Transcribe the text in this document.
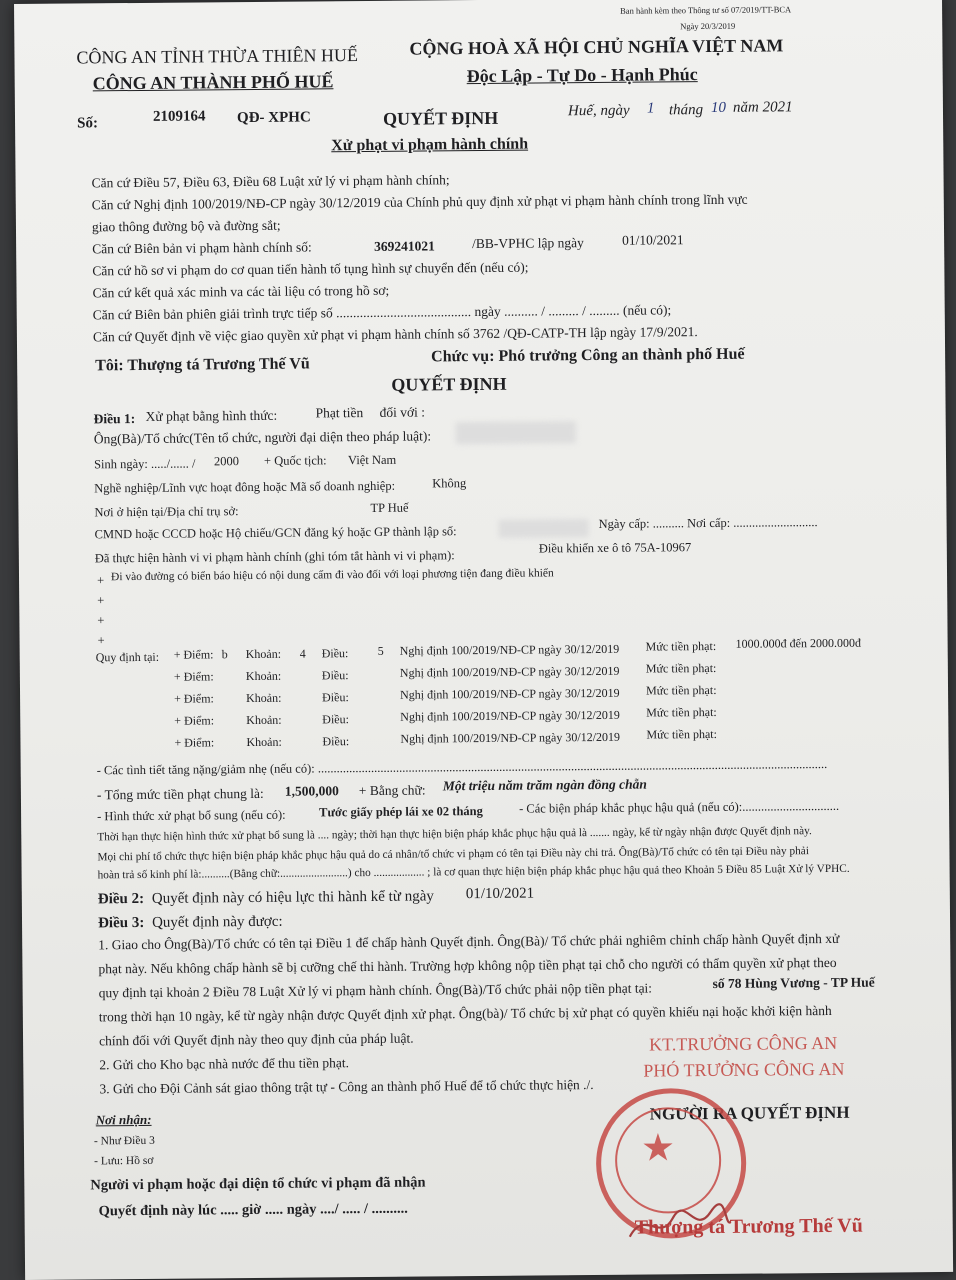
Ban hành kèm theo Thông tư số 07/2019/TT-BCA
Ngày 20/3/2019
CÔNG AN TỈNH THỪA THIÊN HUẾ
CÔNG AN THÀNH PHỐ HUẾ
CỘNG HOÀ XÃ HỘI CHỦ NGHĨA VIỆT NAM
Độc Lập - Tự Do - Hạnh Phúc
Số:	2109164 QĐ- XPHC	QUYẾT ĐỊNH	Huế, ngày 1 tháng 10 năm 2021
Xử phạt vi phạm hành chính
Căn cứ Điều 57, Điều 63, Điều 68 Luật xử lý vi phạm hành chính;
Căn cứ Nghị định 100/2019/NĐ-CP ngày 30/12/2019 của Chính phủ quy định xử phạt vi phạm hành chính trong lĩnh vực
giao thông đường bộ và đường sắt;
Căn cứ Biên bản vi phạm hành chính số:	369241021	/BB-VPHC lập ngày	01/10/2021
Căn cứ hồ sơ vi phạm do cơ quan tiến hành tố tụng hình sự chuyển đến (nếu có);
Căn cứ kết quả xác minh va các tài liệu có trong hồ sơ;
Căn cứ Biên bản phiên giải trình trực tiếp số ........................................ ngày .......... / ......... / ......... (nếu có);
Căn cứ Quyết định về việc giao quyền xử phạt vi phạm hành chính số 3762 /QĐ-CATP-TH lập ngày 17/9/2021.
Tôi: Thượng tá Trương Thế Vũ	Chức vụ: Phó trưởng Công an thành phố Huế
QUYẾT ĐỊNH
Điều 1: Xử phạt bằng hình thức:	Phạt tiền đối với :
Ông(Bà)/Tổ chức(Tên tổ chức, người đại diện theo pháp luật):
Sinh ngày: ...../...... / 2000 + Quốc tịch: Việt Nam
Nghề nghiệp/Lĩnh vực hoạt đông hoặc Mã số doanh nghiệp:	Không
Nơi ở hiện tại/Địa chỉ trụ sở:	TP Huế
CMND hoặc CCCD hoặc Hộ chiếu/GCN đăng ký hoặc GP thành lập số:
Ngày cấp: .......... Nơi cấp: ...........................
Đã thực hiện hành vi vi phạm hành chính (ghi tóm tắt hành vi vi phạm):
Điều khiển xe ô tô 75A-10967
+ Đi vào đường có biển báo hiệu có nội dung cấm đi vào đối với loại phương tiện đang điều khiển
+
+
+
Quy định tại: + Điểm: b Khoản: 4 Điều: 5 Nghị định 100/2019/NĐ-CP ngày 30/12/2019 Mức tiền phạt: 1000.000đ đến 2000.000đ
+ Điểm:	Khoản:	Điều:	Nghị định 100/2019/NĐ-CP ngày 30/12/2019 Mức tiền phạt:
+ Điểm:	Khoản:	Điều:	Nghị định 100/2019/NĐ-CP ngày 30/12/2019 Mức tiền phạt:
+ Điểm:	Khoản:	Điều:	Nghị định 100/2019/NĐ-CP ngày 30/12/2019 Mức tiền phạt:
+ Điểm:	Khoản:	Điều:	Nghị định 100/2019/NĐ-CP ngày 30/12/2019 Mức tiền phạt:
- Các tình tiết tăng nặng/giảm nhẹ (nếu có): ...................................................................................................................................................................
- Tổng mức tiền phạt chung là: 1,500,000 + Bằng chữ: Một triệu năm trăm ngàn đồng chẵn
- Hình thức xử phạt bổ sung (nếu có):	Tước giấy phép lái xe 02 tháng	- Các biện pháp khắc phục hậu quả (nếu có):...............................
Thời hạn thực hiện hình thức xử phạt bổ sung là .... ngày; thời hạn thực hiện biện pháp khắc phục hậu quả là ....... ngày, kể từ ngày nhận được Quyết định này.
Mọi chi phí tổ chức thực hiện biện pháp khắc phục hậu quả do cá nhân/tổ chức vi phạm có tên tại Điều này chi trả. Ông(Bà)/Tổ chức có tên tại Điều này phải
hoàn trả số kinh phí là:..........(Bằng chữ:........................) cho .................. ; là cơ quan thực hiện biện pháp khắc phục hậu quả theo Khoản 5 Điều 85 Luật Xử lý VPHC.
Điều 2: Quyết định này có hiệu lực thi hành kể từ ngày 01/10/2021
Điều 3: Quyết định này được:
1. Giao cho Ông(Bà)/Tổ chức có tên tại Điều 1 để chấp hành Quyết định. Ông(Bà)/ Tổ chức phải nghiêm chỉnh chấp hành Quyết định xử
phạt này. Nếu không chấp hành sẽ bị cưỡng chế thi hành. Trường hợp không nộp tiền phạt tại chỗ cho người có thẩm quyền xử phạt theo
quy định tại khoản 2 Điều 78 Luật Xử lý vi phạm hành chính. Ông(Bà)/Tổ chức phải nộp tiền phạt tại:	số 78 Hùng Vương - TP Huế
trong thời hạn 10 ngày, kể từ ngày nhận được Quyết định xử phạt. Ông(bà)/ Tổ chức bị xử phạt có quyền khiếu nại hoặc khởi kiện hành
chính đối với Quyết định này theo quy định của pháp luật.
2. Gửi cho Kho bạc nhà nước để thu tiền phạt.
3. Gửi cho Đội Cảnh sát giao thông trật tự - Công an thành phố Huế để tổ chức thực hiện ./.
Nơi nhận:
- Như Điều 3
- Lưu: Hồ sơ
Người vi phạm hoặc đại diện tổ chức vi phạm đã nhận
Quyết định này lúc ..... giờ ..... ngày ..../ ..... / ..........
KT.TRƯỞNG CÔNG AN
PHÓ TRƯỞNG CÔNG AN
NGƯỜI RA QUYẾT ĐỊNH
★
Thượng tá Trương Thế Vũ
